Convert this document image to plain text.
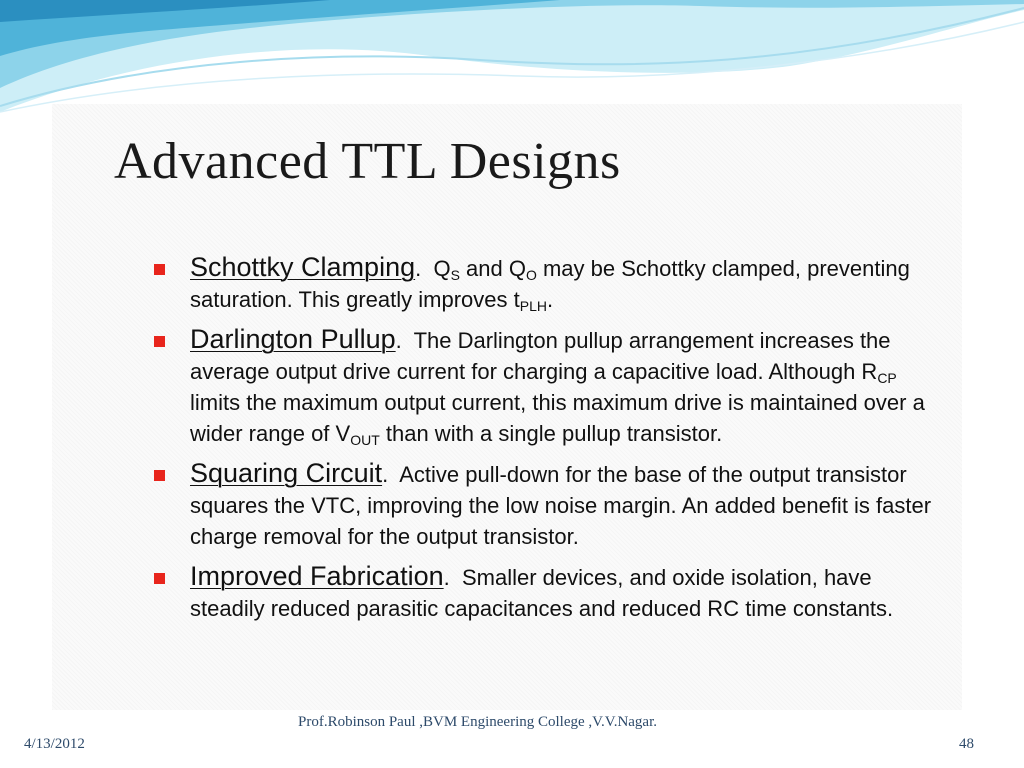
Advanced TTL Designs
Schottky Clamping.  $Q_S$ and $Q_O$ may be Schottky clamped, preventing saturation. This greatly improves $t_{PLH}$.
Darlington Pullup.  The Darlington pullup arrangement increases the average output drive current for charging a capacitive load. Although $R_{CP}$ limits the maximum output current, this maximum drive is maintained over a wider range of $V_{OUT}$ than with a single pullup transistor.
Squaring Circuit.  Active pull-down for the base of the output transistor squares the VTC, improving the low noise margin. An added benefit is faster charge removal for the output transistor.
Improved Fabrication.  Smaller devices, and oxide isolation, have steadily reduced parasitic capacitances and reduced RC time constants.
4/13/2012
Prof.Robinson Paul ,BVM Engineering College ,V.V.Nagar.
48
